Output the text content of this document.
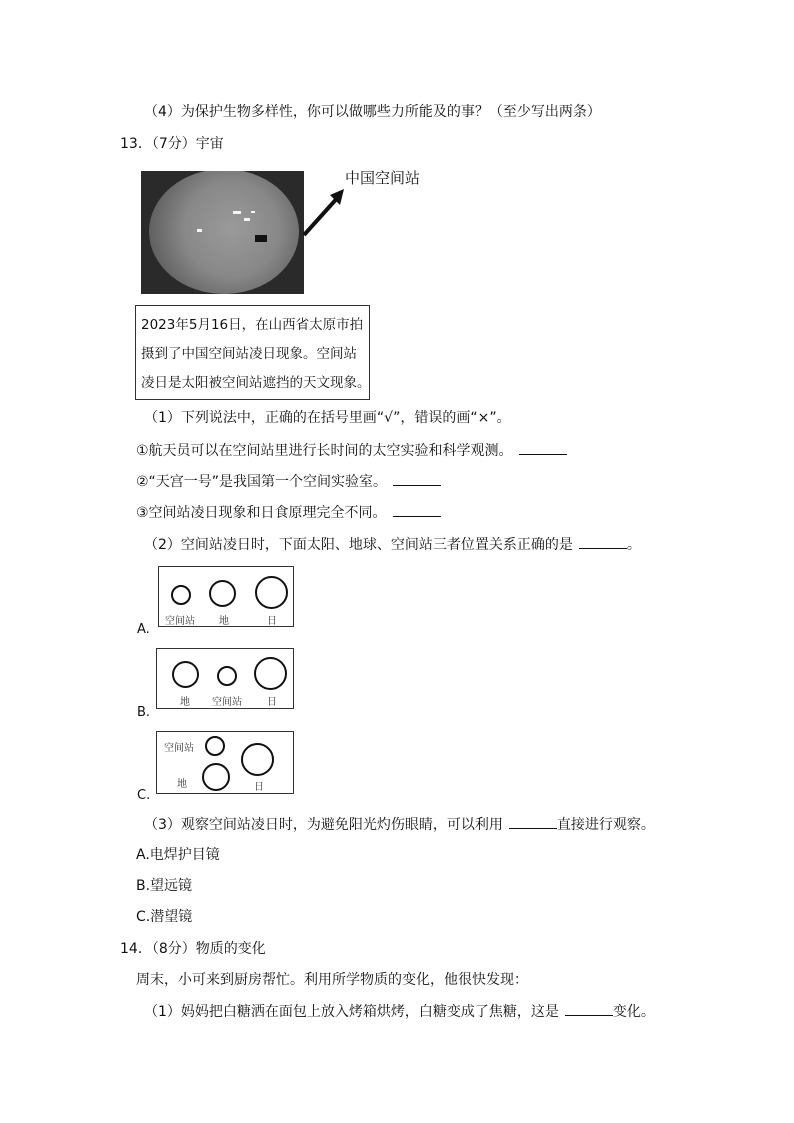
（4）为保护生物多样性，你可以做哪些力所能及的事？（至少写出两条）
13．（7分）宇宙
中国空间站
2023年5月16日，在山西省太原市拍
摄到了中国空间站凌日现象。空间站
凌日是太阳被空间站遮挡的天文现象。
（1）下列说法中，正确的在括号里画“√”，错误的画“×”。
①航天员可以在空间站里进行长时间的太空实验和科学观测。
②“天宫一号”是我国第一个空间实验室。
③空间站凌日现象和日食原理完全不同。
（2）空间站凌日时，下面太阳、地球、空间站三者位置关系正确的是	。
空间站 地	日
A.
地 空间站	日
B.
空间站
地	日
C.
（3）观察空间站凌日时，为避免阳光灼伤眼睛，可以利用	直接进行观察。
A.电焊护目镜
B.望远镜
C.潜望镜
14．（8分）物质的变化
周末，小可来到厨房帮忙。利用所学物质的变化，他很快发现：
（1）妈妈把白糖洒在面包上放入烤箱烘烤，白糖变成了焦糖，这是	变化。
